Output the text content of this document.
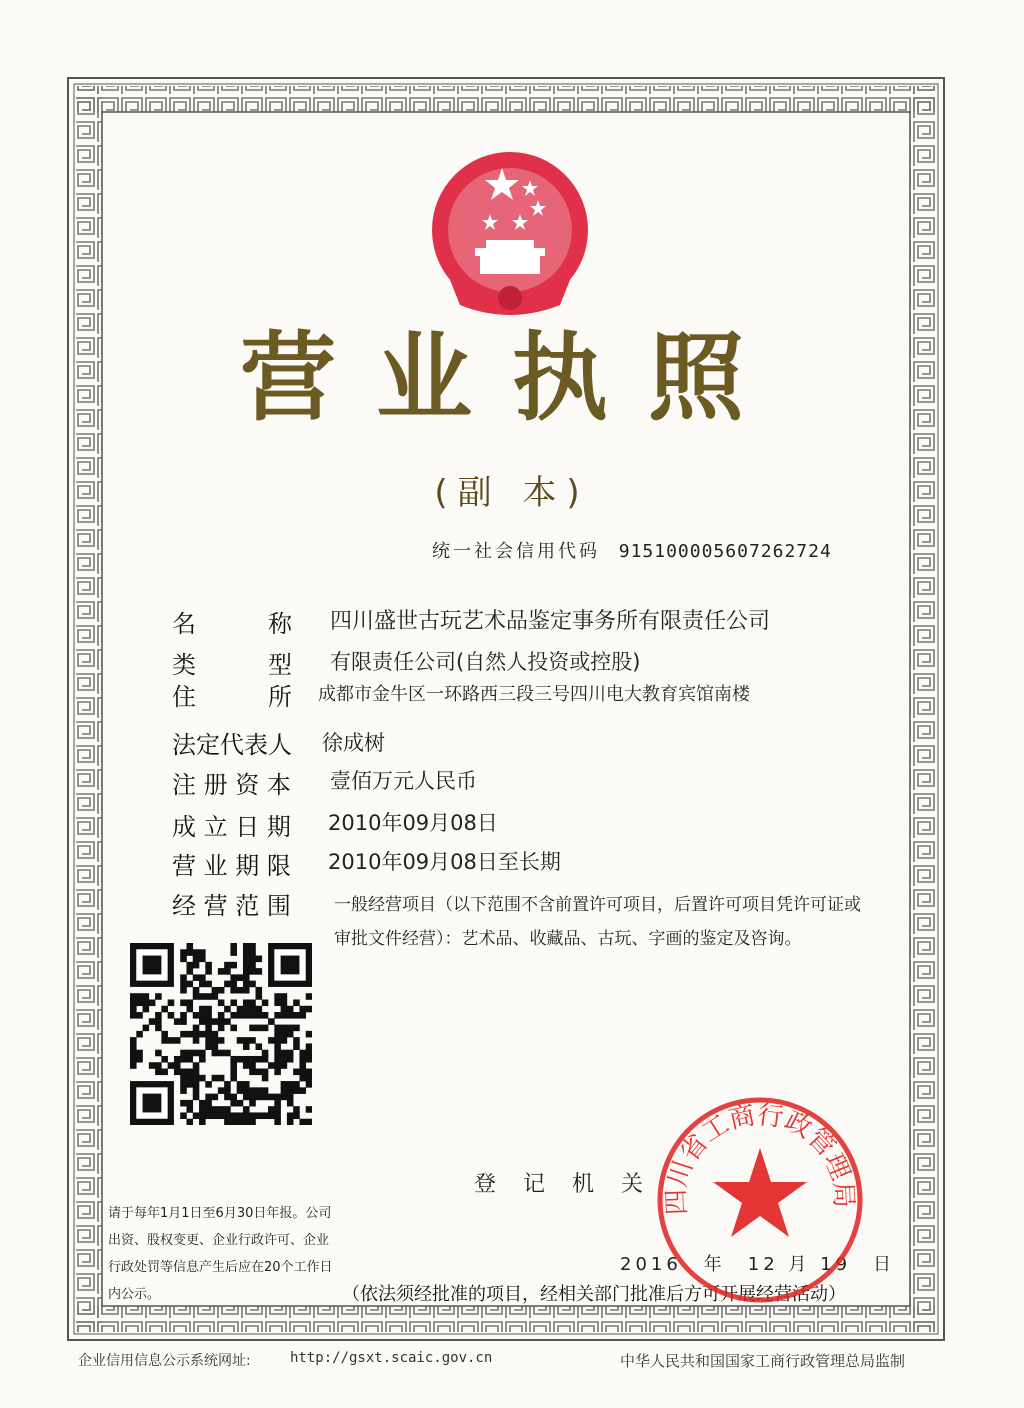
营业执照
(副 本)
统一社会信用代码 915100005607262724
名　　　称 四川盛世古玩艺术品鉴定事务所有限责任公司
类　　　型 有限责任公司(自然人投资或控股)
住　　　所 成都市金牛区一环路西三段三号四川电大教育宾馆南楼
法定代表人 徐成树
注 册 资 本 壹佰万元人民币
成 立 日 期 2010年09月08日
营 业 期 限 2010年09月08日至长期
经 营 范 围	一般经营项目（以下范围不含前置许可项目，后置许可项目凭许可证或审批文件经营）：艺术品、收藏品、古玩、字画的鉴定及咨询。
登 记 机 关
请于每年1月1日至6月30日年报。公司出资、股权变更、企业行政许可、企业行政处罚等信息产生后应在20个工作日内公示。
2016　年　12 月 19　日
（依法须经批准的项目，经相关部门批准后方可开展经营活动）
四川省工商行政管理局
企业信用信息公示系统网址:	http://gsxt.scaic.gov.cn	中华人民共和国国家工商行政管理总局监制
